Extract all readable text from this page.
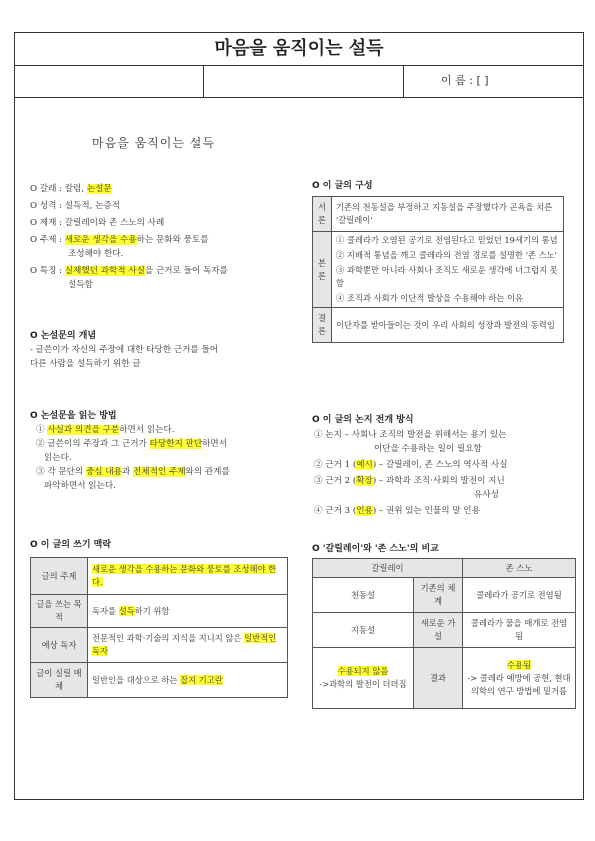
마음을 움직이는 설득
이 름 : [ ]
마음을 움직이는 설득
O 갈래 : 칼럼, 논설문
O 성격 : 설득적, 논증적
O 제재 : 갈릴레이와 존 스노의 사례
O 주제 : 새로운 생각을 수용하는 문화와 풍토를
조성해야 한다.
O 특징 : 실제했던 과학적 사실을 근거로 들어 독자를
설득함
O 논설문의 개념
- 글쓴이가 자신의 주장에 대한 타당한 근거를 들어
다른 사람을 설득하기 위한 글
O 논설문을 읽는 방법
① 사실과 의견을 구분하면서 읽는다.
② 글쓴이의 주장과 그 근거가 타당한지 판단하면서
읽는다.
③ 각 문단의 중심 내용과 전체적인 주제와의 관계를
파악하면서 읽는다.
O 이 글의 쓰기 맥락
글의 주제	새로운 생각을 수용하는 문화와 풍토를 조성해야 한다.
글을 쓰는 목적	독자를 설득하기 위함
예상 독자	전문적인 과학·기술의 지식을 지니지 않은 일반적인 독자
글이 실릴 매체	일반인을 대상으로 하는 잡지 기고란
O 이 글의 구성
서론	기존의 천동설을 부정하고 지동설을 주장했다가 곤욕을 치른 '갈릴레이'
본론	① 콜레라가 오염된 공기로 전염된다고 믿었던 19세기의 통념
② 지배적 통념을 깨고 콜레라의 전염 경로를 설명한 '존 스노'
③ 과학뿐만 아니라 사회나 조직도 새로운 생각에 너그럽지 못함
④ 조직과 사회가 이단적 발상을 수용해야 하는 이유

결론	이단자를 받아들이는 것이 우리 사회의 성장과 발전의 동력임
O 이 글의 논지 전개 방식
① 논지 – 사회나 조직의 발전을 위해서는 용기 있는
이단을 수용하는 일이 필요함
② 근거 1 (예시) – 갈릴레이, 존 스노의 역사적 사실
③ 근거 2 (확장) – 과학과 조직·사회의 발전이 지닌
유사성
④ 근거 3 (인용) – 권위 있는 인물의 말 인용
O '갈릴레이'와 '존 스노'의 비교
갈릴레이		존 스노
천동설	기존의 체계	콜레라가 공기로 전염됨
지동설	새로운 가설	콜레라가 물을 매개로 전염됨
수용되지 않음
->과학의 발전이 더뎌짐	결과	수용됨
-> 콜레라 예방에 공헌, 현대 의학의 연구 방법에 밑거름
